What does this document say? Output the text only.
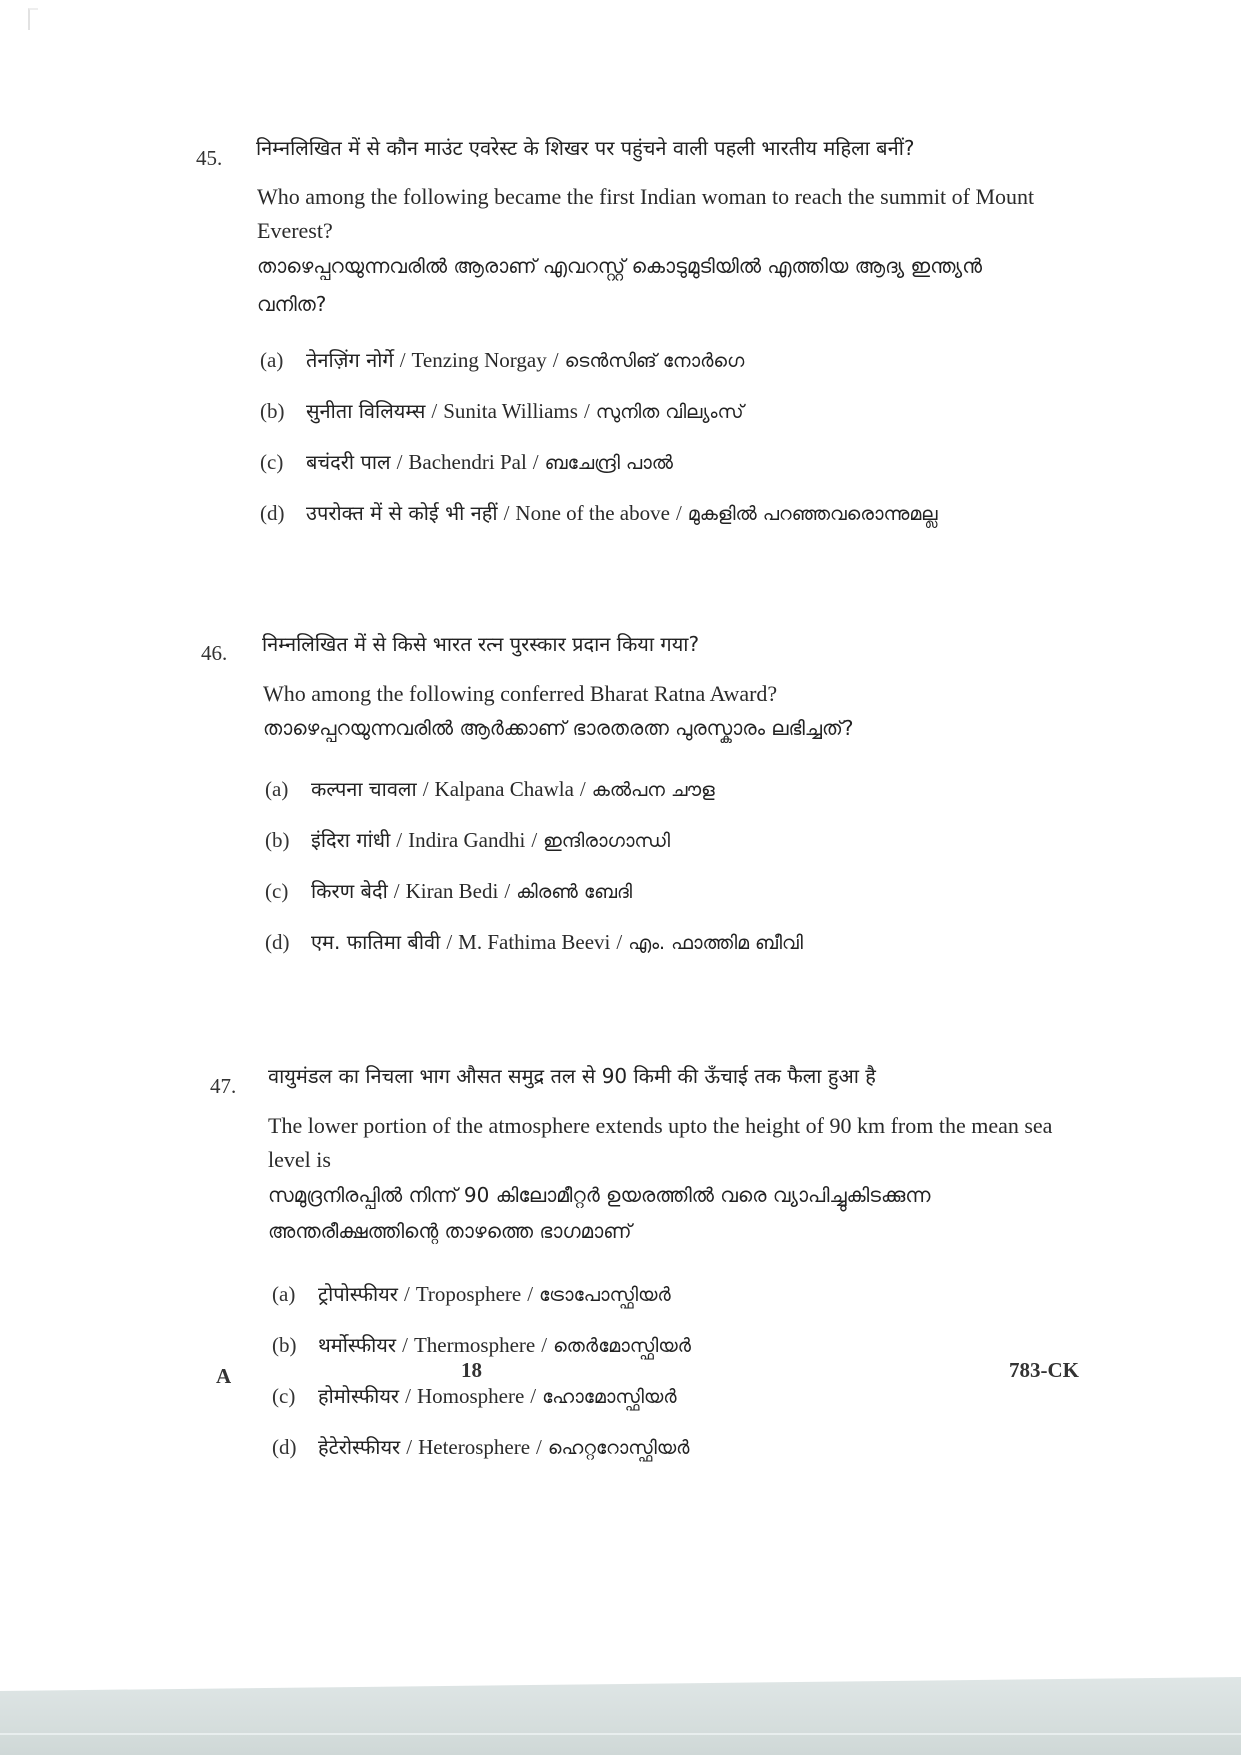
45. निम्नलिखित में से कौन माउंट एवरेस्ट के शिखर पर पहुंचने वाली पहली भारतीय महिला बनीं?
Who among the following became the first Indian woman to reach the summit of Mount
Everest?
താഴെപ്പറയുന്നവരിൽ ആരാണ് എവറസ്റ്റ് കൊടുമുടിയിൽ എത്തിയ ആദ്യ ഇന്ത്യൻ
വനിത?
(a) तेनज़िंग नोर्गे / Tenzing Norgay / ടെൻസിങ് നോർഗെ
(b) सुनीता विलियम्स / Sunita Williams / സുനിത വില്യംസ്
(c) बचंदरी पाल / Bachendri Pal / ബചേന്ദ്രി പാൽ
(d) उपरोक्त में से कोई भी नहीं / None of the above / മുകളിൽ പറഞ്ഞവരൊന്നുമല്ല
46. निम्नलिखित में से किसे भारत रत्न पुरस्कार प्रदान किया गया?
Who among the following conferred Bharat Ratna Award?
താഴെപ്പറയുന്നവരിൽ ആർക്കാണ് ഭാരതരത്ന പുരസ്കാരം ലഭിച്ചത്?
(a) कल्पना चावला / Kalpana Chawla / കൽപന ചൗള
(b) इंदिरा गांधी / Indira Gandhi / ഇന്ദിരാഗാന്ധി
(c) किरण बेदी / Kiran Bedi / കിരൺ ബേദി
(d) एम. फातिमा बीवी / M. Fathima Beevi / എം. ഫാത്തിമ ബീവി
47. वायुमंडल का निचला भाग औसत समुद्र तल से 90 किमी की ऊँचाई तक फैला हुआ है
The lower portion of the atmosphere extends upto the height of 90 km from the mean sea
level is
സമുദ്രനിരപ്പിൽ നിന്ന് 90 കിലോമീറ്റർ ഉയരത്തിൽ വരെ വ്യാപിച്ചുകിടക്കുന്ന
അന്തരീക്ഷത്തിന്റെ താഴത്തെ ഭാഗമാണ്
(a) ट्रोपोस्फीयर / Troposphere / ട്രോപോസ്ഫിയർ
(b) थर्मोस्फीयर / Thermosphere / തെർമോസ്ഫിയർ
(c) होमोस्फीयर / Homosphere / ഹോമോസ്ഫിയർ
(d) हेटेरोस्फीयर / Heterosphere / ഹെറ്ററോസ്ഫിയർ
A	18	783-CK
